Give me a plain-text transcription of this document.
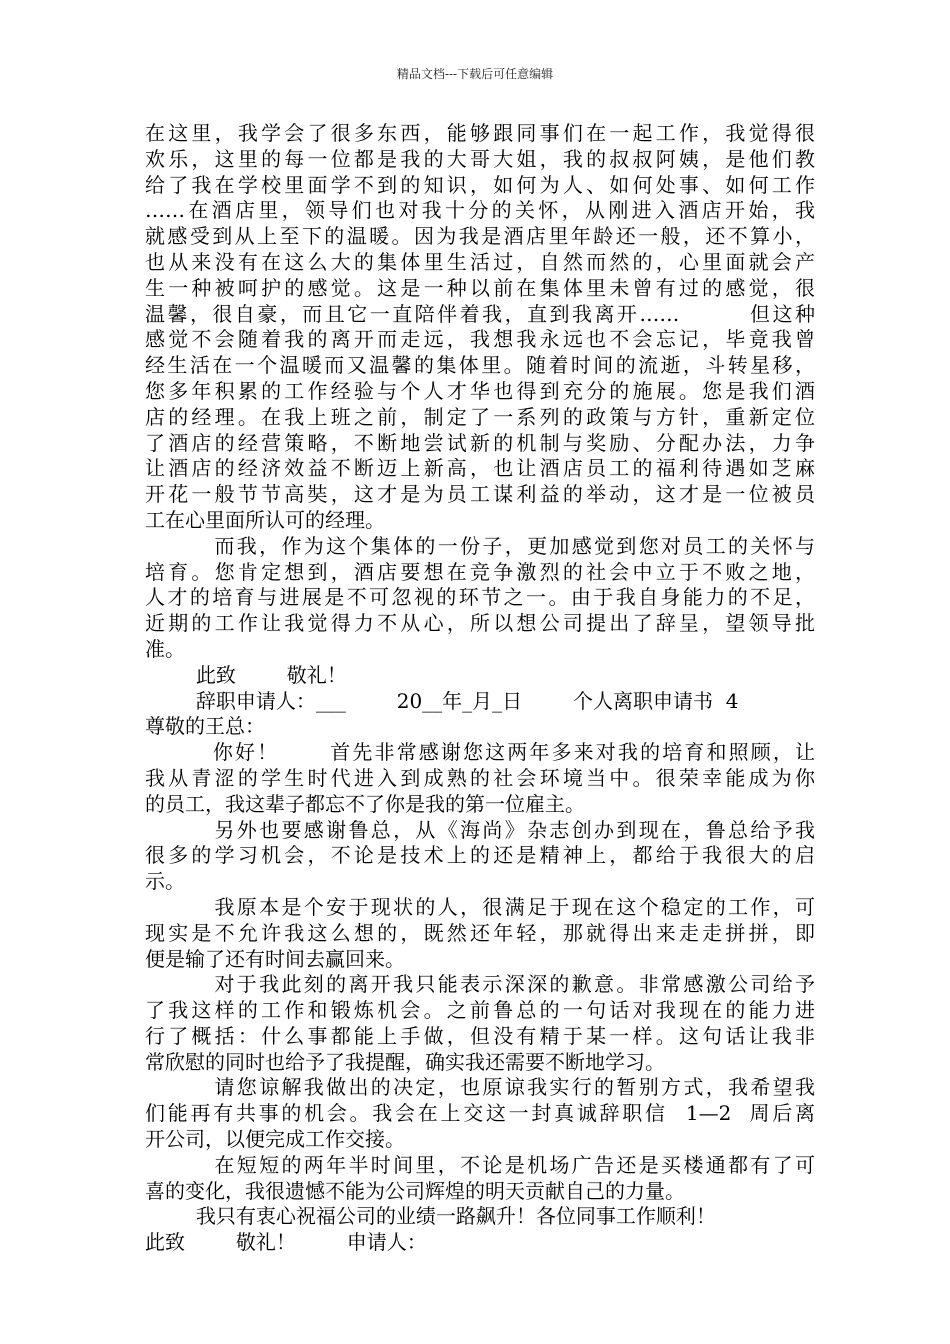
精品文档---下载后可任意编辑
在这里，我学会了很多东西，能够跟同事们在一起工作，我觉得很
欢乐，这里的每一位都是我的大哥大姐，我的叔叔阿姨，是他们教
给了我在学校里面学不到的知识，如何为人、如何处事、如何工作
……在酒店里，领导们也对我十分的关怀，从刚进入酒店开始，我
就感受到从上至下的温暖。因为我是酒店里年龄还一般，还不算小，
也从来没有在这么大的集体里生活过，自然而然的，心里面就会产
生一种被呵护的感觉。这是一种以前在集体里未曾有过的感觉，很
温馨，很自豪，而且它一直陪伴着我，直到我离开……        但这种
感觉不会随着我的离开而走远，我想我永远也不会忘记，毕竟我曾
经生活在一个温暖而又温馨的集体里。随着时间的流逝，斗转星移，
您多年积累的工作经验与个人才华也得到充分的施展。您是我们酒
店的经理。在我上班之前，制定了一系列的政策与方针，重新定位
了酒店的经营策略，不断地尝试新的机制与奖励、分配办法，力争
让酒店的经济效益不断迈上新高，也让酒店员工的福利待遇如芝麻
开花一般节节高奘，这才是为员工谋利益的举动，这才是一位被员
工在心里面所认可的经理。
而我，作为这个集体的一份子，更加感觉到您对员工的关怀与
培育。您肯定想到，酒店要想在竞争激烈的社会中立于不败之地，
人才的培育与进展是不可忽视的环节之一。由于我自身能力的不足，
近期的工作让我觉得力不从心，所以想公司提出了辞呈，望领导批
准。
此致        敬礼！
辞职申请人：___        20__年_月_日        个人离职申请书  4
尊敬的王总：
你好！      首先非常感谢您这两年多来对我的培育和照顾，让
我从青涩的学生时代进入到成熟的社会环境当中。很荣幸能成为你
的员工，我这辈子都忘不了你是我的第一位雇主。
另外也要感谢鲁总，从《海尚》杂志创办到现在，鲁总给予我
很多的学习机会，不论是技术上的还是精神上，都给于我很大的启
示。
我原本是个安于现状的人，很满足于现在这个稳定的工作，可
现实是不允许我这么想的，既然还年轻，那就得出来走走拼拼，即
便是输了还有时间去赢回来。
对于我此刻的离开我只能表示深深的歉意。非常感激公司给予
了我这样的工作和锻炼机会。之前鲁总的一句话对我现在的能力进
行了概括：什么事都能上手做，但没有精于某一样。这句话让我非
常欣慰的同时也给予了我提醒，确实我还需要不断地学习。
请您谅解我做出的决定，也原谅我实行的暂别方式，我希望我
们能再有共事的机会。我会在上交这一封真诚辞职信  1—2  周后离
开公司，以便完成工作交接。
在短短的两年半时间里，不论是机场广告还是买楼通都有了可
喜的变化，我很遗憾不能为公司辉煌的明天贡献自己的力量。
我只有衷心祝福公司的业绩一路飙升！各位同事工作顺利！
此致        敬礼！        申请人：
